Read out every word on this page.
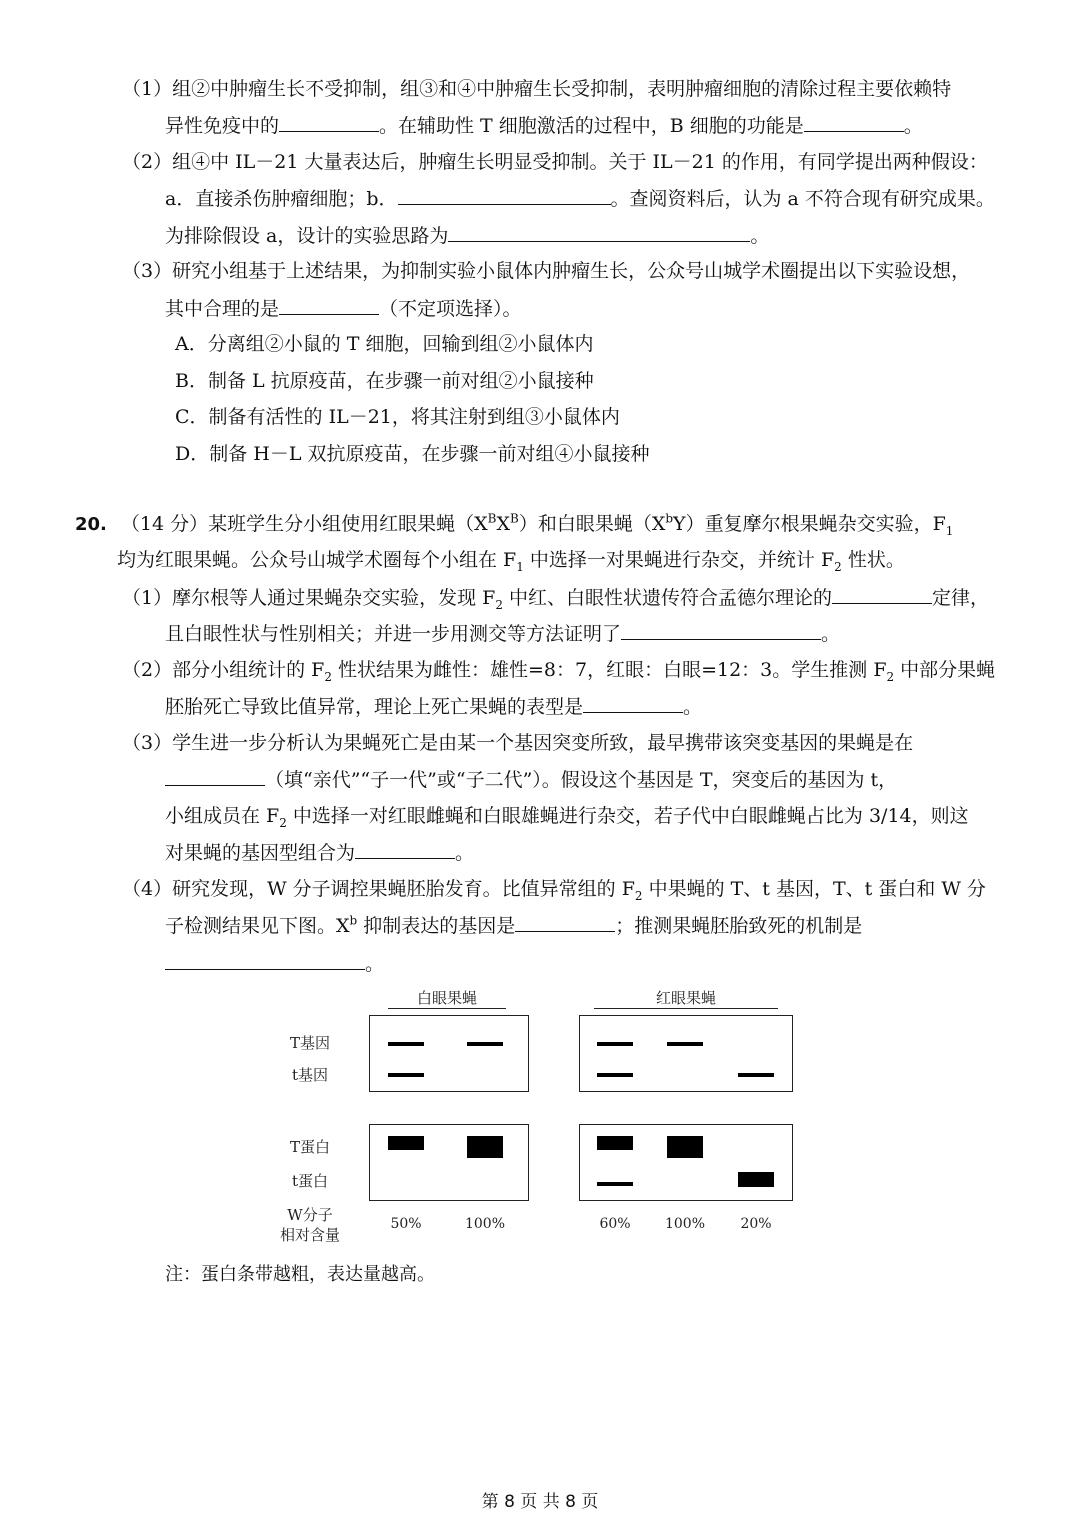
（1）组②中肿瘤生长不受抑制，组③和④中肿瘤生长受抑制，表明肿瘤细胞的清除过程主要依赖特
异性免疫中的	。在辅助性 T 细胞激活的过程中，B 细胞的功能是	。
（2）组④中 IL－21 大量表达后，肿瘤生长明显受抑制。关于 IL－21 的作用，有同学提出两种假设：
a．直接杀伤肿瘤细胞；b．	。查阅资料后，认为 a 不符合现有研究成果。
为排除假设 a，设计的实验思路为	。
（3）研究小组基于上述结果，为抑制实验小鼠体内肿瘤生长，公众号山城学术圈提出以下实验设想，
其中合理的是	（不定项选择）。
A．分离组②小鼠的 T 细胞，回输到组②小鼠体内
B．制备 L 抗原疫苗，在步骤一前对组②小鼠接种
C．制备有活性的 IL－21，将其注射到组③小鼠体内
D．制备 H－L 双抗原疫苗，在步骤一前对组④小鼠接种
20. （14 分）某班学生分小组使用红眼果蝇$(X^BX^B)$和白眼果蝇$(X^bY)$重复摩尔根果蝇杂交实验，$F_1$
均为红眼果蝇。公众号山城学术圈每个小组在 $F_1$ 中选择一对果蝇进行杂交，并统计 $F_2$ 性状。
（1）摩尔根等人通过果蝇杂交实验，发现 $F_2$ 中红、白眼性状遗传符合孟德尔理论的	定律，
且白眼性状与性别相关；并进一步用测交等方法证明了	。
（2）部分小组统计的 $F_2$ 性状结果为雌性：雄性=8：7，红眼：白眼=12：3。学生推测 $F_2$ 中部分果蝇
胚胎死亡导致比值异常，理论上死亡果蝇的表型是	。
（3）学生进一步分析认为果蝇死亡是由某一个基因突变所致，最早携带该突变基因的果蝇是在
（填“亲代”“子一代”或“子二代”）。假设这个基因是 T，突变后的基因为 t，
小组成员在 $F_2$ 中选择一对红眼雌蝇和白眼雄蝇进行杂交，若子代中白眼雌蝇占比为 3/14，则这
对果蝇的基因型组合为	。
（4）研究发现，W 分子调控果蝇胚胎发育。比值异常组的 $F_2$ 中果蝇的 T、t 基因，T、t 蛋白和 W 分
子检测结果见下图。$X^b$ 抑制表达的基因是	；推测果蝇胚胎致死的机制是
。
白眼果蝇	红眼果蝇
T基因
t基因
T蛋白
t蛋白
W分子
相对含量
50%	100%	60%	100%	20%
注：蛋白条带越粗，表达量越高。
第 8 页 共 8 页
